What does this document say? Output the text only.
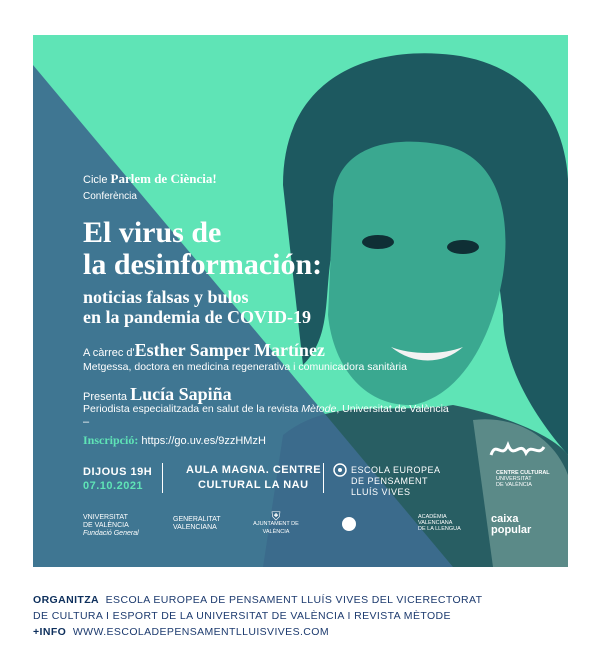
Cicle Parlem de Ciència!
Conferència
El virus de
la desinformación:
noticias falsas y bulos
en la pandemia de COVID-19
A càrrec d'Esther Samper Martínez
Metgessa, doctora en medicina regenerativa i comunicadora sanitària
Presenta Lucía Sapiña
Periodista especialitzada en salut de la revista Mètode, Universitat de València
–
Inscripció: https://go.uv.es/9zzHMzH
DIJOUS 19H
07.10.2021
AULA MAGNA. CENTRE
CULTURAL LA NAU
ESCOLA EUROPEA
DE PENSAMENT
LLUÍS VIVES
CENTRE CULTURAL
UNIVERSITAT
DE VALÈNCIA
VNIVERSITAT
DE VALÈNCIA
Fundació General
GENERALITAT
VALENCIANA
⛨
AJUNTAMENT DE VALÈNCIA
ACADÈMIA
VALENCIANA
DE LA LLENGUA
caixa
popular
ORGANITZA ESCOLA EUROPEA DE PENSAMENT LLUÍS VIVES DEL VICERECTORAT
DE CULTURA I ESPORT DE LA UNIVERSITAT DE VALÈNCIA I REVISTA MÈTODE
+INFO WWW.ESCOLADEPENSAMENTLLUISVIVES.COM
